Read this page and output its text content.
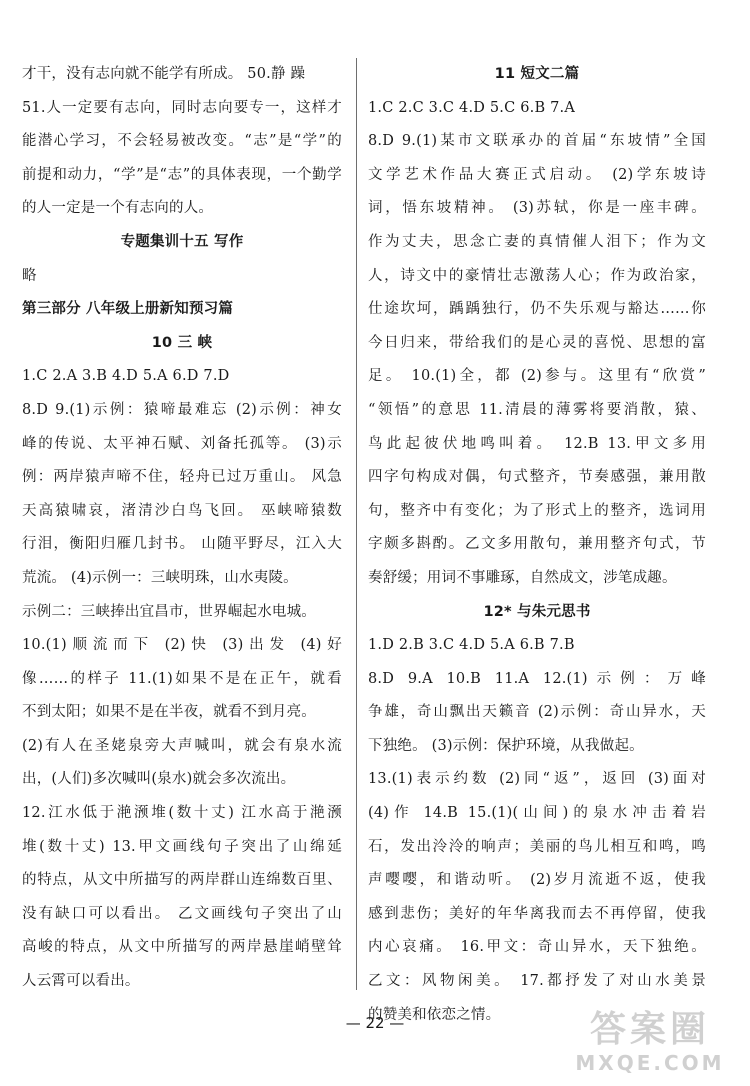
才干，没有志向就不能学有所成。 50.静 躁
51.人一定要有志向，同时志向要专一，这样才
能潜心学习，不会轻易被改变。“志”是“学”的
前提和动力，“学”是“志”的具体表现，一个勤学
的人一定是一个有志向的人。
专题集训十五 写作
略
第三部分 八年级上册新知预习篇
10 三 峡
1.C 2.A 3.B 4.D 5.A 6.D 7.D
8.D 9.(1)示例：猿啼最难忘 (2)示例：神女
峰的传说、太平神石赋、刘备托孤等。 (3)示
例：两岸猿声啼不住，轻舟已过万重山。 风急
天高猿啸哀，渚清沙白鸟飞回。 巫峡啼猿数
行泪，衡阳归雁几封书。 山随平野尽，江入大
荒流。 (4)示例一：三峡明珠，山水夷陵。
示例二：三峡捧出宜昌市，世界崛起水电城。
10.(1)顺流而下 (2)快 (3)出发 (4)好
像……的样子 11.(1)如果不是在正午，就看
不到太阳；如果不是在半夜，就看不到月亮。
(2)有人在圣姥泉旁大声喊叫，就会有泉水流
出，(人们)多次喊叫(泉水)就会多次流出。
12.江水低于滟滪堆(数十丈) 江水高于滟滪
堆(数十丈) 13.甲文画线句子突出了山绵延
的特点，从文中所描写的两岸群山连绵数百里、
没有缺口可以看出。 乙文画线句子突出了山
高峻的特点，从文中所描写的两岸悬崖峭壁耸
人云霄可以看出。
11 短文二篇
1.C 2.C 3.C 4.D 5.C 6.B 7.A
8.D 9.(1)某市文联承办的首届“东坡情”全国
文学艺术作品大赛正式启动。 (2)学东坡诗
词，悟东坡精神。 (3)苏轼，你是一座丰碑。
作为丈夫，思念亡妻的真情催人泪下；作为文
人，诗文中的豪情壮志激荡人心；作为政治家，
仕途坎坷，踽踽独行，仍不失乐观与豁达……你
今日归来，带给我们的是心灵的喜悦、思想的富
足。 10.(1)全，都 (2)参与。这里有“欣赏”
“领悟”的意思 11.清晨的薄雾将要消散，猿、
鸟此起彼伏地鸣叫着。 12.B 13.甲文多用
四字句构成对偶，句式整齐，节奏感强，兼用散
句，整齐中有变化；为了形式上的整齐，选词用
字颇多斟酌。乙文多用散句，兼用整齐句式，节
奏舒缓；用词不事雕琢，自然成文，涉笔成趣。
12* 与朱元思书
1.D 2.B 3.C 4.D 5.A 6.B 7.B
8.D 9.A 10.B 11.A 12.(1)示例：万峰
争雄，奇山飘出天籁音 (2)示例：奇山异水，天
下独绝。 (3)示例：保护环境，从我做起。
13.(1)表示约数 (2)同“返”，返回 (3)面对
(4)作 14.B 15.(1)(山间)的泉水冲击着岩
石，发出泠泠的响声；美丽的鸟儿相互和鸣，鸣
声嘤嘤，和谐动听。 (2)岁月流逝不返，使我
感到悲伤；美好的年华离我而去不再停留，使我
内心哀痛。 16.甲文：奇山异水，天下独绝。
乙文：风物闲美。 17.都抒发了对山水美景
的赞美和依恋之情。
— 22 —	答案圈
MXQE.COM
